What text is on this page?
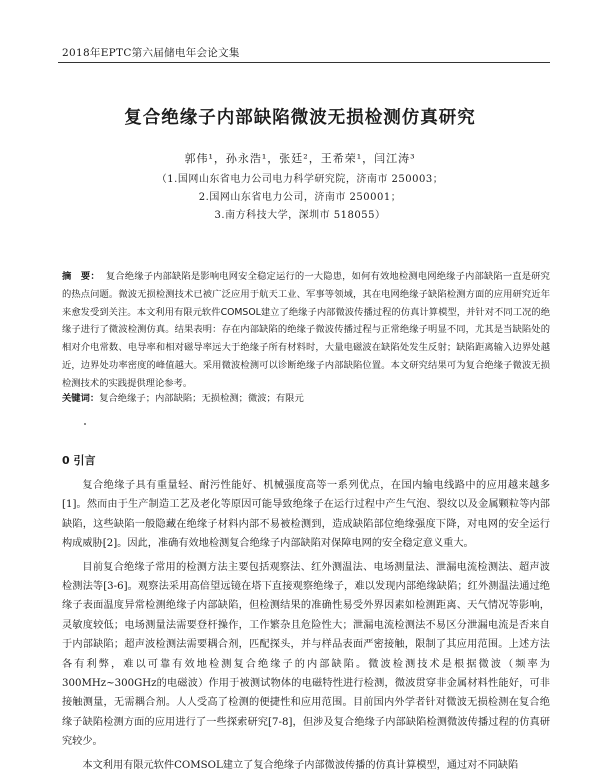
2018年EPTC第六届储电年会论文集
复合绝缘子内部缺陷微波无损检测仿真研究
郭伟¹，孙永浩¹，张廷²，王希荣¹，闫江涛³
（1.国网山东省电力公司电力科学研究院，济南市 250003；
2.国网山东省电力公司，济南市 250001；
3.南方科技大学，深圳市 518055）
摘　要： 复合绝缘子内部缺陷是影响电网安全稳定运行的一大隐患，如何有效地检测电网绝缘子内部缺陷一直是研究的热点问题。微波无损检测技术已被广泛应用于航天工业、军事等领域，其在电网绝缘子缺陷检测方面的应用研究近年来愈发受到关注。本文利用有限元软件COMSOL建立了绝缘子内部微波传播过程的仿真计算模型，并针对不同工况的绝缘子进行了微波检测仿真。结果表明：存在内部缺陷的绝缘子微波传播过程与正常绝缘子明显不同，尤其是当缺陷处的相对介电常数、电导率和相对磁导率远大于绝缘子所有材料时，大量电磁波在缺陷处发生反射；缺陷距离输入边界处越近，边界处功率密度的峰值越大。采用微波检测可以诊断绝缘子内部缺陷位置。本文研究结果可为复合绝缘子微波无损检测技术的实践提供理论参考。
关键词：复合绝缘子；内部缺陷；无损检测；微波；有限元
0 引言

复合绝缘子具有重量轻、耐污性能好、机械强度高等一系列优点，在国内输电线路中的应用越来越多[1]。然而由于生产制造工艺及老化等原因可能导致绝缘子在运行过程中产生气泡、裂纹以及金属颗粒等内部缺陷，这些缺陷一般隐藏在绝缘子材料内部不易被检测到，造成缺陷部位绝缘强度下降，对电网的安全运行构成威胁[2]。因此，准确有效地检测复合绝缘子内部缺陷对保障电网的安全稳定意义重大。

目前复合绝缘子常用的检测方法主要包括观察法、红外测温法、电场测量法、泄漏电流检测法、超声波检测法等[3-6]。观察法采用高倍望远镜在塔下直接观察绝缘子，难以发现内部绝缘缺陷；红外测温法通过绝缘子表面温度异常检测绝缘子内部缺陷，但检测结果的准确性易受外界因素如检测距离、天气情况等影响，灵敏度较低；电场测量法需要登杆操作，工作繁杂且危险性大；泄漏电流检测法不易区分泄漏电流是否来自于内部缺陷；超声波检测法需要耦合剂，匹配探头，并与样品表面严密接触，限制了其应用范围。上述方法各有利弊，难以可靠有效地检测复合绝缘子的内部缺陷。微波检测技术是根据微波（频率为300MHz~300GHz的电磁波）作用于被测试物体的电磁特性进行检测，微波贯穿非金属材料性能好，可非接触测量，无需耦合剂。人人受高了检测的便捷性和应用范围。目前国内外学者针对微波无损检测在复合绝缘子缺陷检测方面的应用进行了一些探索研究[7-8]，但涉及复合绝缘子内部缺陷检测微波传播过程的仿真研究较少。

本文利用有限元软件COMSOL建立了复合绝缘子内部微波传播的仿真计算模型，通过对不同缺陷
